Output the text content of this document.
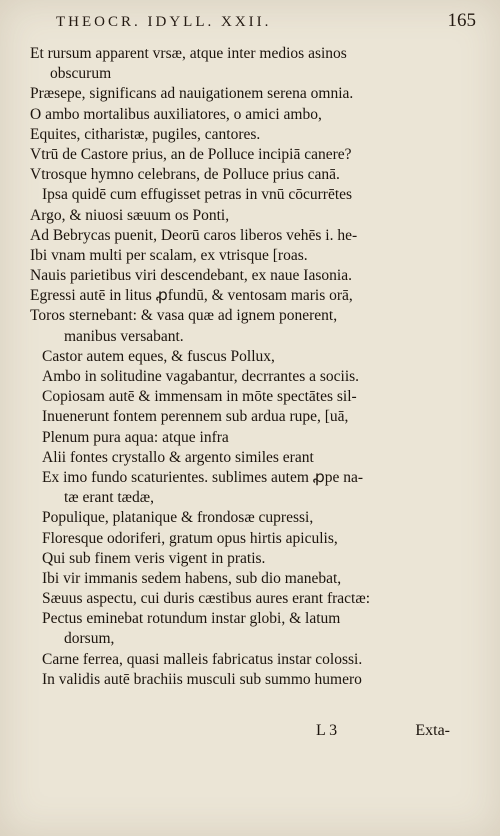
THEOCR. IDYLL. XXII.	165
Et rursum apparent vrsæ, atque inter medios asinos
obscurum
Præsepe, significans ad nauigationem serena omnia.
O ambo mortalibus auxiliatores, o amici ambo,
Equites, citharistæ, pugiles, cantores.
Vtrū de Castore prius, an de Polluce incipiā canere?
Vtrosque hymno celebrans, de Polluce prius canā.
Ipsa quidē cum effugisset petras in vnū cōcurrētes
Argo, & niuosi sæuum os Ponti,
Ad Bebrycas puenit, Deorū caros liberos vehēs i. he-
Ibi vnam multi per scalam, ex vtrisque [roas.
Nauis parietibus viri descendebant, ex naue Iasonia.
Egressi autē in litus ꝓfundū, & ventosam maris orā,
Toros sternebant: & vasa quæ ad ignem ponerent,
manibus versabant.
Castor autem eques, & fuscus Pollux,
Ambo in solitudine vagabantur, decrrantes a sociis.
Copiosam autē & immensam in mōte spectātes sil-
Inuenerunt fontem perennem sub ardua rupe, [uā,
Plenum pura aqua: atque infra
Alii fontes crystallo & argento similes erant
Ex imo fundo scaturientes. sublimes autem ꝓpe na-
tæ erant tædæ,
Populique, platanique & frondosæ cupressi,
Floresque odoriferi, gratum opus hirtis apiculis,
Qui sub finem veris vigent in pratis.
Ibi vir immanis sedem habens, sub dio manebat,
Sæuus aspectu, cui duris cæstibus aures erant fractæ:
Pectus eminebat rotundum instar globi, & latum
dorsum,
Carne ferrea, quasi malleis fabricatus instar colossi.
In validis autē brachiis musculi sub summo humero
L 3	Exta-
